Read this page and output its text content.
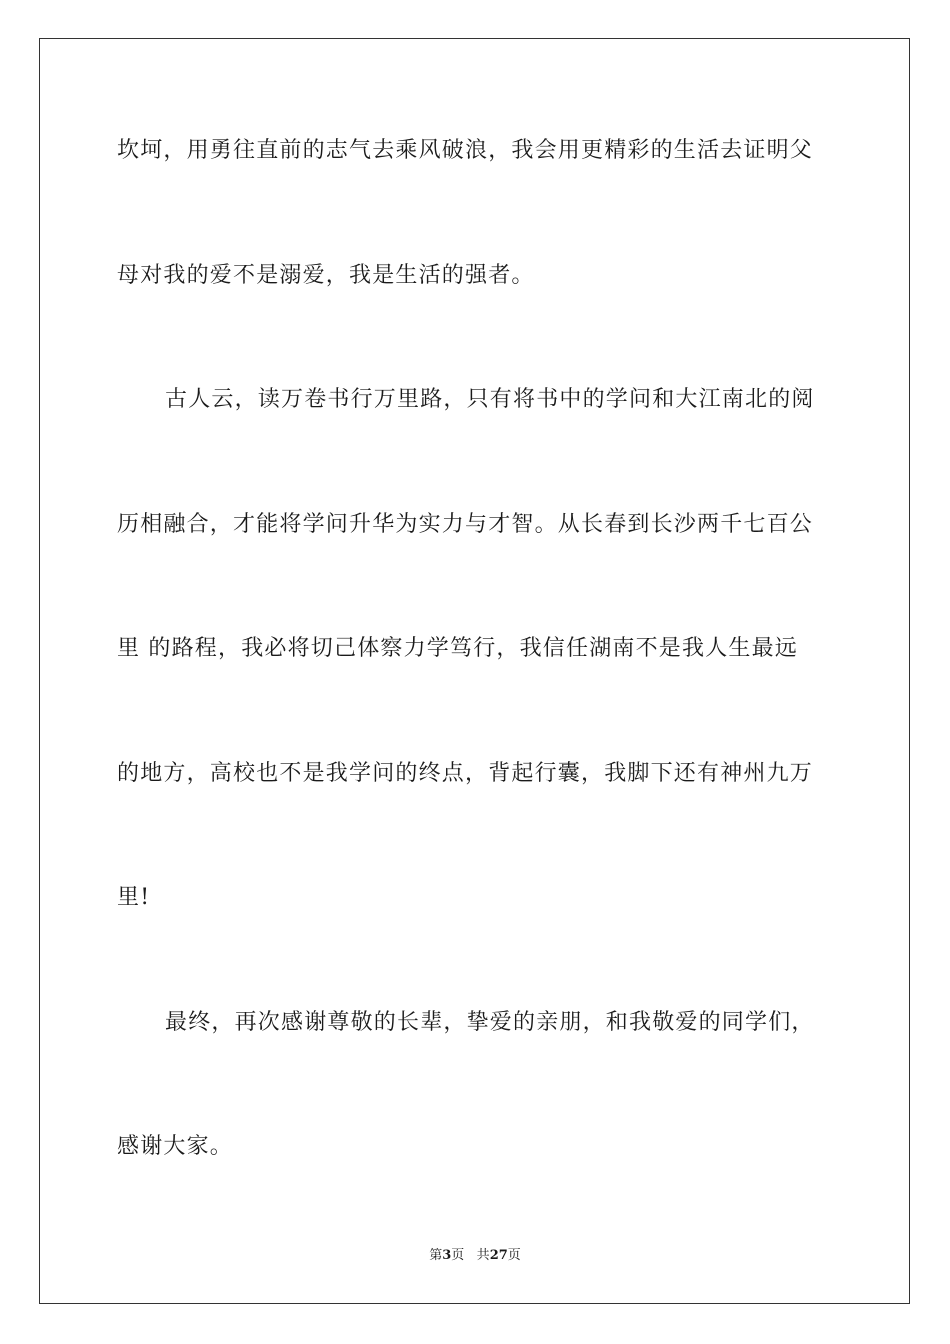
坎坷，用勇往直前的志气去乘风破浪，我会用更精彩的生活去证明父
母对我的爱不是溺爱，我是生活的强者。
古人云，读万卷书行万里路，只有将书中的学问和大江南北的阅
历相融合，才能将学问升华为实力与才智。从长春到长沙两千七百公
里 的路程，我必将切己体察力学笃行，我信任湖南不是我人生最远
的地方，高校也不是我学问的终点，背起行囊，我脚下还有神州九万
里!
最终，再次感谢尊敬的长辈，挚爱的亲朋，和我敬爱的同学们，
感谢大家。
第3页 共27页
